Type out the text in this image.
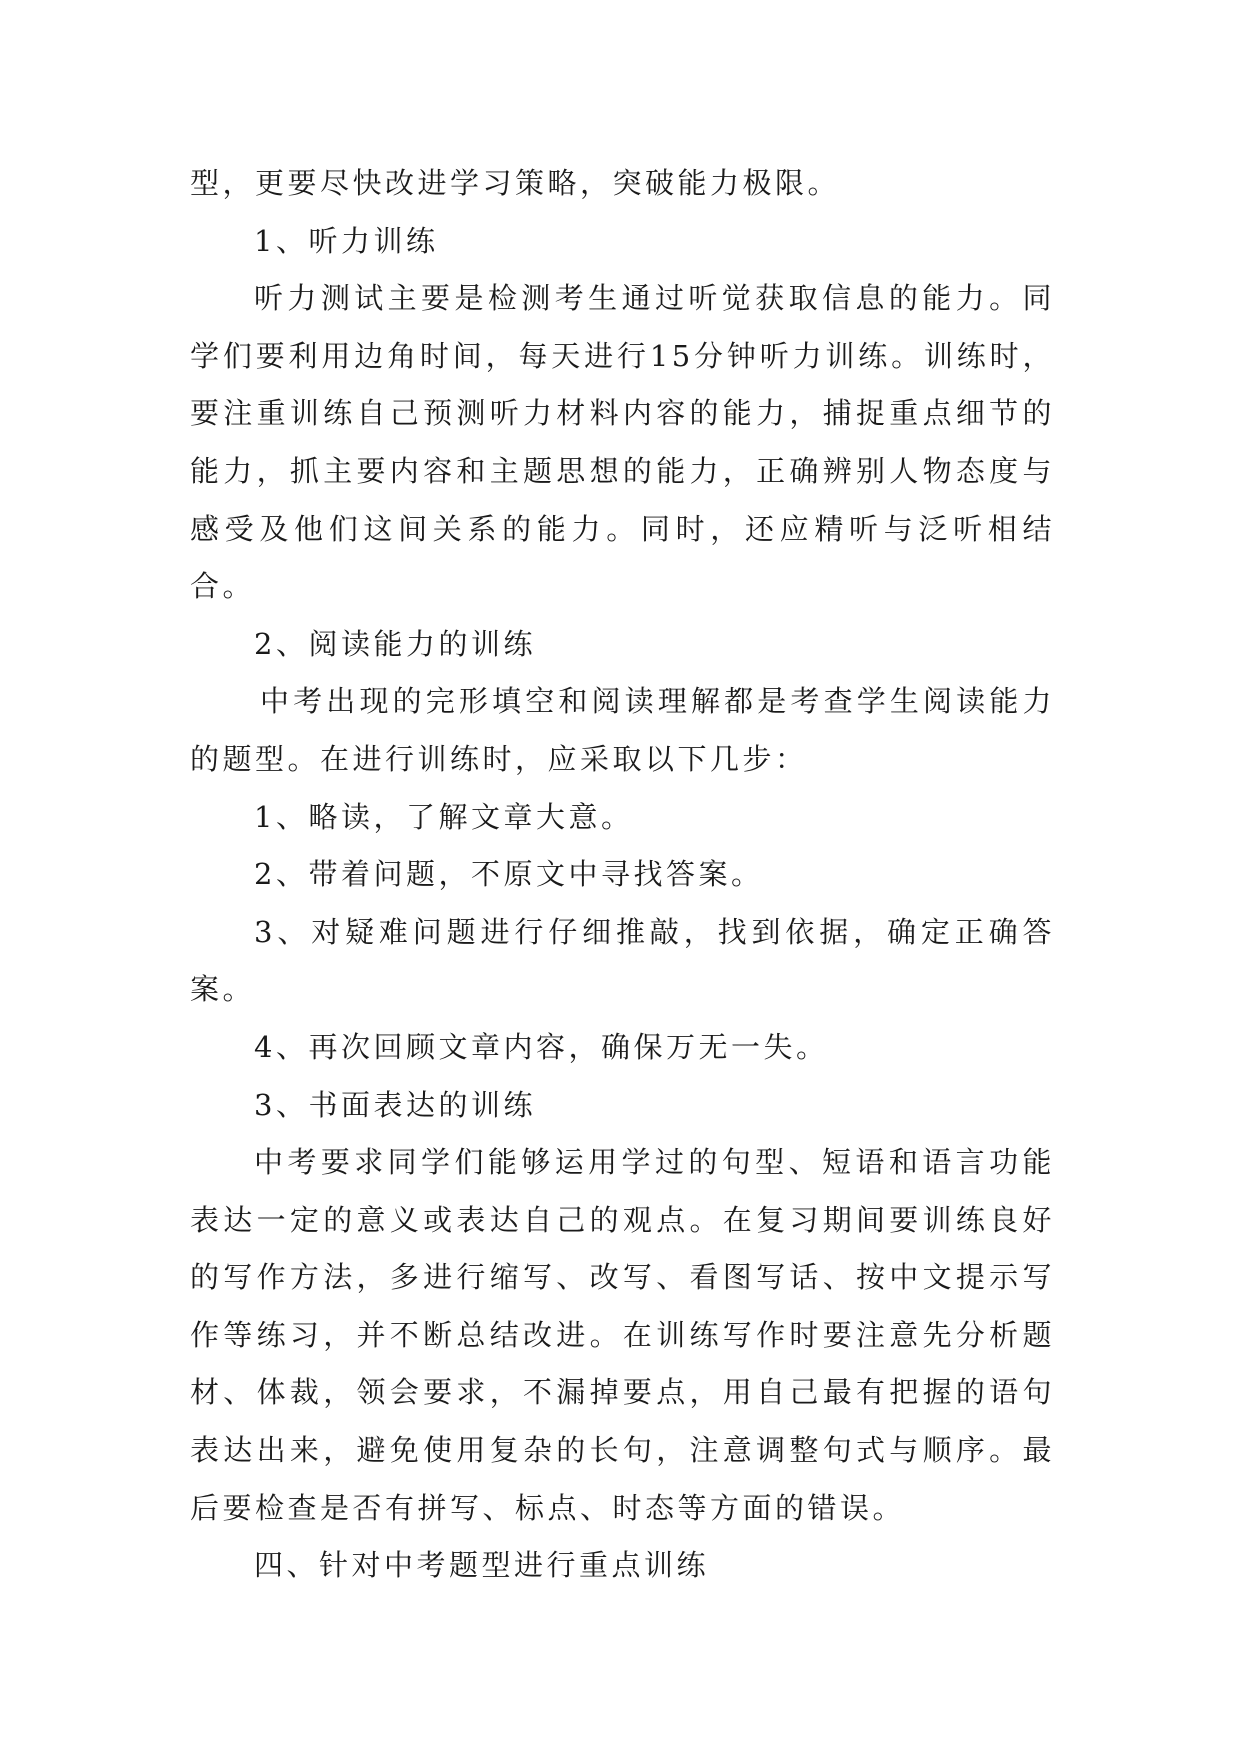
型，更要尽快改进学习策略，突破能力极限。

1、听力训练

听力测试主要是检测考生通过听觉获取信息的能力。同学们要利用边角时间，每天进行15分钟听力训练。训练时，要注重训练自己预测听力材料内容的能力，捕捉重点细节的能力，抓主要内容和主题思想的能力，正确辨别人物态度与感受及他们这间关系的能力。同时，还应精听与泛听相结合。

2、阅读能力的训练

中考出现的完形填空和阅读理解都是考查学生阅读能力的题型。在进行训练时，应采取以下几步：

1、略读，了解文章大意。

2、带着问题，不原文中寻找答案。

3、对疑难问题进行仔细推敲，找到依据，确定正确答案。

4、再次回顾文章内容，确保万无一失。

3、书面表达的训练

中考要求同学们能够运用学过的句型、短语和语言功能表达一定的意义或表达自己的观点。在复习期间要训练良好的写作方法，多进行缩写、改写、看图写话、按中文提示写作等练习，并不断总结改进。在训练写作时要注意先分析题材、体裁，领会要求，不漏掉要点，用自己最有把握的语句表达出来，避免使用复杂的长句，注意调整句式与顺序。最后要检查是否有拼写、标点、时态等方面的错误。

四、针对中考题型进行重点训练
